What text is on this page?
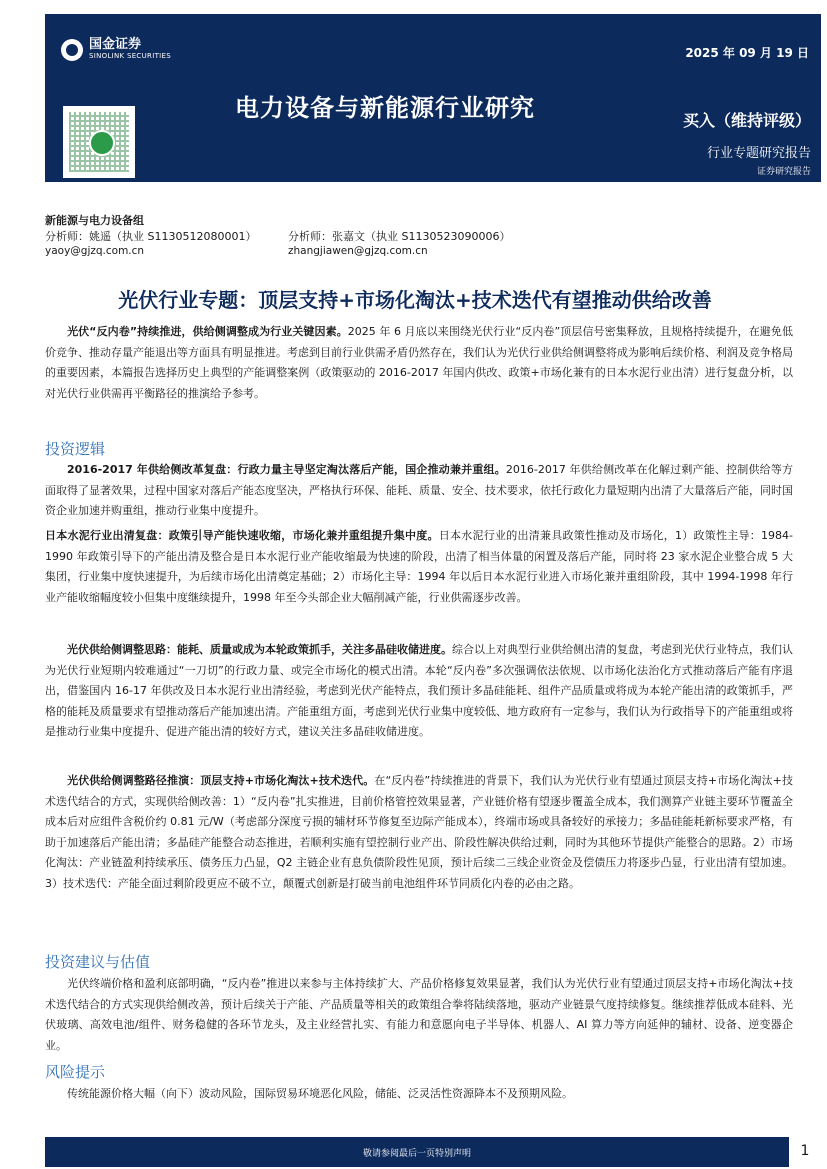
国金证券
SINOLINK SECURITIES	2025 年 09 月 19 日
电力设备与新能源行业研究	买入（维持评级）
行业专题研究报告
证券研究报告
新能源与电力设备组
分析师：姚遥（执业 S1130512080001）	分析师：张嘉文（执业 S1130523090006）
yaoy@gjzq.com.cn	zhangjiawen@gjzq.com.cn
光伏行业专题：顶层支持+市场化淘汰+技术迭代有望推动供给改善
光伏“反内卷”持续推进，供给侧调整成为行业关键因素。2025 年 6 月底以来围绕光伏行业“反内卷”顶层信号密集释放，且规格持续提升，在避免低价竞争、推动存量产能退出等方面具有明显推进。考虑到目前行业供需矛盾仍然存在，我们认为光伏行业供给侧调整将成为影响后续价格、利润及竞争格局的重要因素，本篇报告选择历史上典型的产能调整案例（政策驱动的 2016-2017 年国内供改、政策+市场化兼有的日本水泥行业出清）进行复盘分析，以对光伏行业供需再平衡路径的推演给予参考。
投资逻辑
2016-2017 年供给侧改革复盘：行政力量主导坚定淘汰落后产能，国企推动兼并重组。2016-2017 年供给侧改革在化解过剩产能、控制供给等方面取得了显著效果，过程中国家对落后产能态度坚决，严格执行环保、能耗、质量、安全、技术要求，依托行政化力量短期内出清了大量落后产能，同时国资企业加速并购重组，推动行业集中度提升。
日本水泥行业出清复盘：政策引导产能快速收缩，市场化兼并重组提升集中度。日本水泥行业的出清兼具政策性推动及市场化，1）政策性主导：1984-1990 年政策引导下的产能出清及整合是日本水泥行业产能收缩最为快速的阶段，出清了相当体量的闲置及落后产能，同时将 23 家水泥企业整合成 5 大集团，行业集中度快速提升，为后续市场化出清奠定基础；2）市场化主导：1994 年以后日本水泥行业进入市场化兼并重组阶段，其中 1994-1998 年行业产能收缩幅度较小但集中度继续提升，1998 年至今头部企业大幅削减产能，行业供需逐步改善。
光伏供给侧调整思路：能耗、质量或成为本轮政策抓手，关注多晶硅收储进度。综合以上对典型行业供给侧出清的复盘，考虑到光伏行业特点，我们认为光伏行业短期内较难通过“一刀切”的行政力量、或完全市场化的模式出清。本轮“反内卷”多次强调依法依规、以市场化法治化方式推动落后产能有序退出，借鉴国内 16-17 年供改及日本水泥行业出清经验，考虑到光伏产能特点，我们预计多晶硅能耗、组件产品质量或将成为本轮产能出清的政策抓手，严格的能耗及质量要求有望推动落后产能加速出清。产能重组方面，考虑到光伏行业集中度较低、地方政府有一定参与，我们认为行政指导下的产能重组或将是推动行业集中度提升、促进产能出清的较好方式，建议关注多晶硅收储进度。
光伏供给侧调整路径推演：顶层支持+市场化淘汰+技术迭代。在“反内卷”持续推进的背景下，我们认为光伏行业有望通过顶层支持+市场化淘汰+技术迭代结合的方式，实现供给侧改善：1）“反内卷”扎实推进，目前价格管控效果显著，产业链价格有望逐步覆盖全成本，我们测算产业链主要环节覆盖全成本后对应组件含税价约 0.81 元/W（考虑部分深度亏损的辅材环节修复至边际产能成本），终端市场或具备较好的承接力；多晶硅能耗新标要求严格，有助于加速落后产能出清；多晶硅产能整合动态推进，若顺利实施有望控制行业产出、阶段性解决供给过剩，同时为其他环节提供产能整合的思路。2）市场化淘汰：产业链盈利持续承压、债务压力凸显，Q2 主链企业有息负债阶段性见顶，预计后续二三线企业资金及偿债压力将逐步凸显，行业出清有望加速。3）技术迭代：产能全面过剩阶段更应不破不立，颠覆式创新是打破当前电池组件环节同质化内卷的必由之路。
投资建议与估值
光伏终端价格和盈利底部明确，“反内卷”推进以来参与主体持续扩大、产品价格修复效果显著，我们认为光伏行业有望通过顶层支持+市场化淘汰+技术迭代结合的方式实现供给侧改善，预计后续关于产能、产品质量等相关的政策组合拳将陆续落地，驱动产业链景气度持续修复。继续推荐低成本硅料、光伏玻璃、高效电池/组件、财务稳健的各环节龙头，及主业经营扎实、有能力和意愿向电子半导体、机器人、AI 算力等方向延伸的辅材、设备、逆变器企业。
风险提示
传统能源价格大幅（向下）波动风险，国际贸易环境恶化风险，储能、泛灵活性资源降本不及预期风险。
敬请参阅最后一页特别声明	1
